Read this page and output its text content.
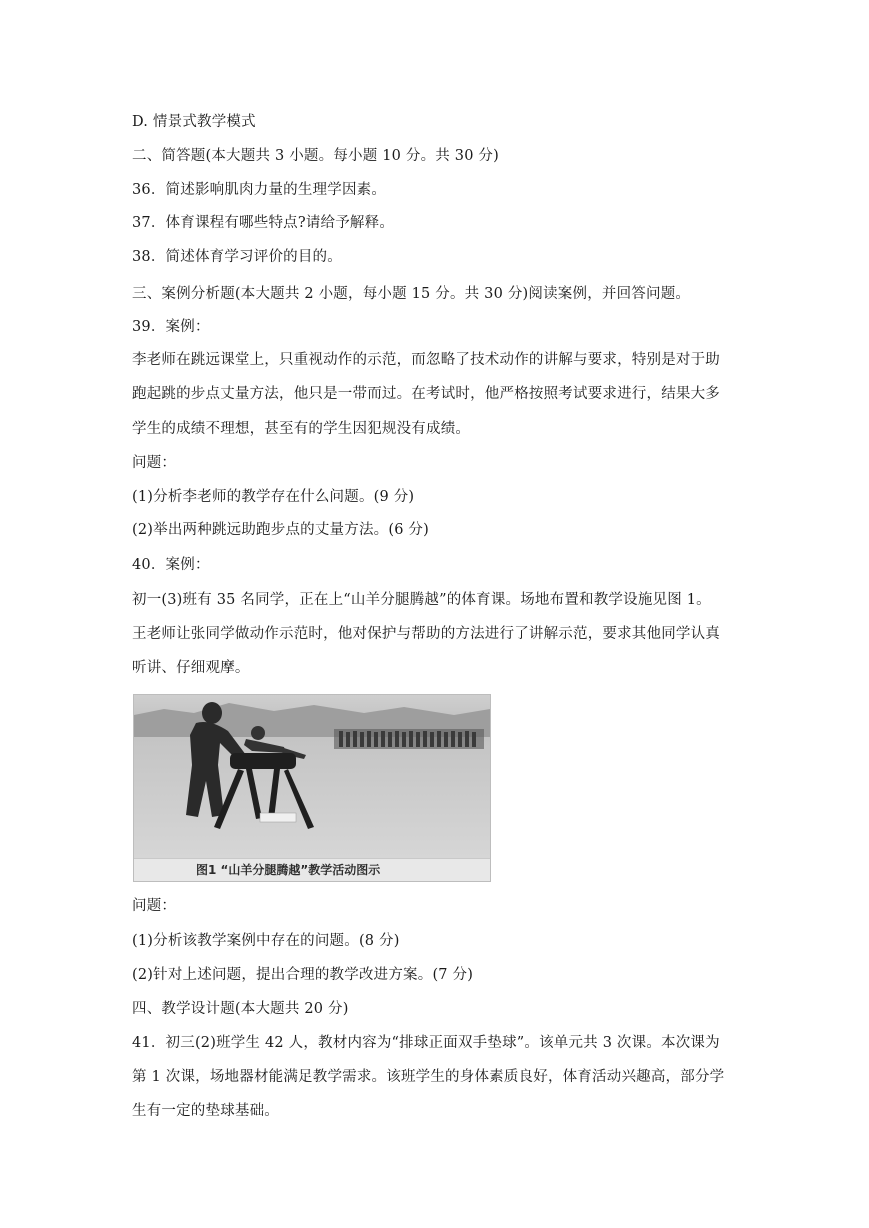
D. 情景式教学模式
二、简答题(本大题共 3 小题。每小题 10 分。共 30 分)
36．简述影响肌肉力量的生理学因素。
37．体育课程有哪些特点?请给予解释。
38．简述体育学习评价的目的。
三、案例分析题(本大题共 2 小题，每小题 15 分。共 30 分)阅读案例，并回答问题。
39．案例：
李老师在跳远课堂上，只重视动作的示范，而忽略了技术动作的讲解与要求，特别是对于助
跑起跳的步点丈量方法，他只是一带而过。在考试时，他严格按照考试要求进行，结果大多
学生的成绩不理想，甚至有的学生因犯规没有成绩。
问题：
(1)分析李老师的教学存在什么问题。(9 分)
(2)举出两种跳远助跑步点的丈量方法。(6 分)
40．案例：
初一(3)班有 35 名同学，正在上“山羊分腿腾越”的体育课。场地布置和教学设施见图 1。
王老师让张同学做动作示范时，他对保护与帮助的方法进行了讲解示范，要求其他同学认真
听讲、仔细观摩。
图1 “山羊分腿腾越”教学活动图示
问题：
(1)分析该教学案例中存在的问题。(8 分)
(2)针对上述问题，提出合理的教学改进方案。(7 分)
四、教学设计题(本大题共 20 分)
41．初三(2)班学生 42 人，教材内容为“排球正面双手垫球”。该单元共 3 次课。本次课为
第 1 次课，场地器材能满足教学需求。该班学生的身体素质良好，体育活动兴趣高，部分学
生有一定的垫球基础。
